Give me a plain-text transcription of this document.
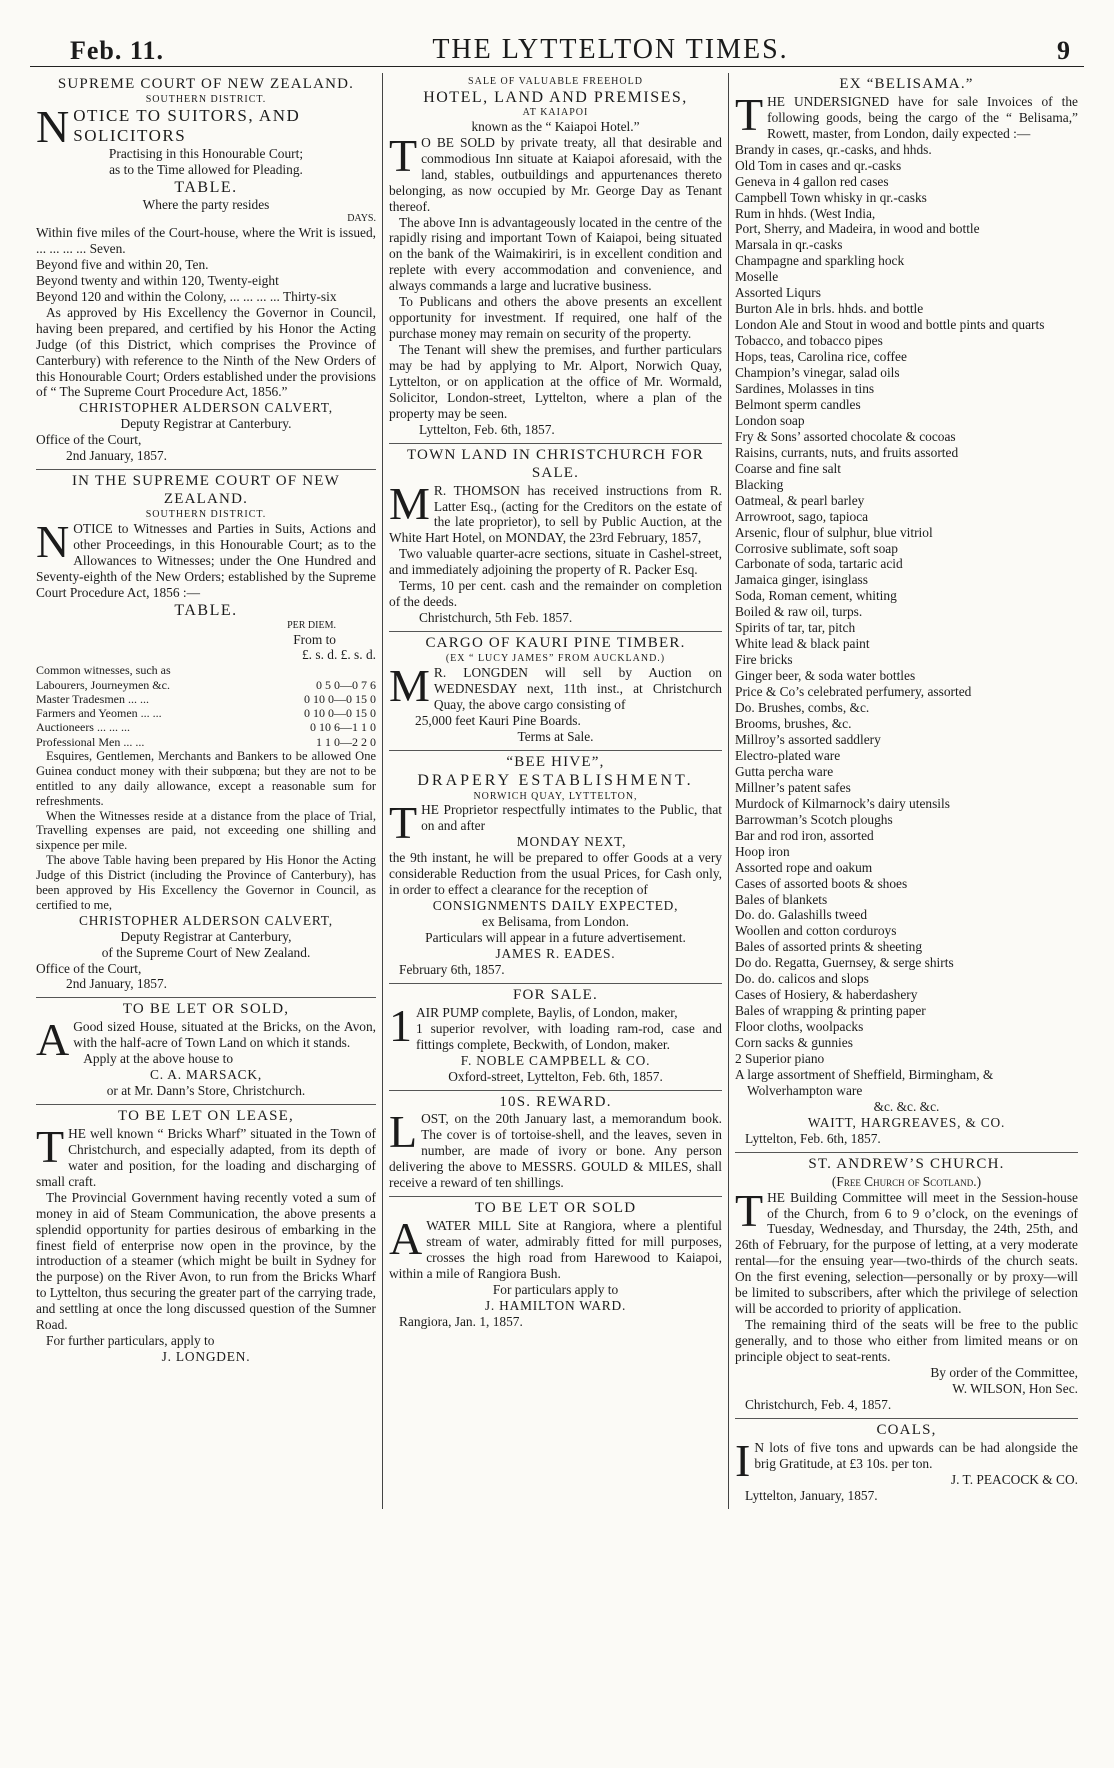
Feb. 11.	THE LYTTELTON TIMES.	9
SUPREME COURT OF NEW ZEALAND.
SOUTHERN DISTRICT.
N OTICE TO SUITORS, AND SOLICITORS

Practising in this Honourable Court;

as to the Time allowed for Pleading.

TABLE.

Where the party resides

DAYS.

Within five miles of the Court-house, where the Writ is issued, ... ... ... ... Seven.

Beyond five and within 20, Ten.

Beyond twenty and within 120, Twenty-eight

Beyond 120 and within the Colony, ... ... ... ... Thirty-six

As approved by His Excellency the Governor in Council, having been prepared, and certified by his Honor the Acting Judge (of this District, which comprises the Province of Canterbury) with reference to the Ninth of the New Orders of this Honourable Court; Orders established under the provisions of “ The Supreme Court Procedure Act, 1856.”

CHRISTOPHER ALDERSON CALVERT,

Deputy Registrar at Canterbury.

Office of the Court,

2nd January, 1857.

IN THE SUPREME COURT OF NEW ZEALAND.
SOUTHERN DISTRICT.
N OTICE to Witnesses and Parties in Suits, Actions and other Proceedings, in this Honourable Court; as to the Allowances to Witnesses; under the One Hundred and Seventy-eighth of the New Orders; established by the Supreme Court Procedure Act, 1856 :—

TABLE.
PER DIEM.
From to
£. s. d. £. s. d.

Common witnesses, such as

Labourers, Journeymen &c.	0 5 0—0 7 6
Master Tradesmen ... ...	0 10 0—0 15 0
Farmers and Yeomen ... ...	0 10 0—0 15 0
Auctioneers ... ... ...	0 10 6—1 1 0
Professional Men ... ...	1 1 0—2 2 0

Esquires, Gentlemen, Merchants and Bankers to be allowed One Guinea conduct money with their subpœna; but they are not to be entitled to any daily allowance, except a reasonable sum for refreshments.

When the Witnesses reside at a distance from the place of Trial, Travelling expenses are paid, not exceeding one shilling and sixpence per mile.

The above Table having been prepared by His Honor the Acting Judge of this District (including the Province of Canterbury), has been approved by His Excellency the Governor in Council, as certified to me,

CHRISTOPHER ALDERSON CALVERT,

Deputy Registrar at Canterbury,

of the Supreme Court of New Zealand.

Office of the Court,

2nd January, 1857.

TO BE LET OR SOLD,
A Good sized House, situated at the Bricks, on the Avon, with the half-acre of Town Land on which it stands.

Apply at the above house to

C. A. MARSACK,

or at Mr. Dann’s Store, Christchurch.

TO BE LET ON LEASE,
T HE well known “ Bricks Wharf” situated in the Town of Christchurch, and especially adapted, from its depth of water and position, for the loading and discharging of small craft.

The Provincial Government having recently voted a sum of money in aid of Steam Communication, the above presents a splendid opportunity for parties desirous of embarking in the finest field of enterprise now open in the province, by the introduction of a steamer (which might be built in Sydney for the purpose) on the River Avon, to run from the Bricks Wharf to Lyttelton, thus securing the greater part of the carrying trade, and settling at once the long discussed question of the Sumner Road.

For further particulars, apply to

J. LONGDEN.

SALE OF VALUABLE FREEHOLD
HOTEL, LAND AND PREMISES,
AT KAIAPOI

known as the “ Kaiapoi Hotel.”

T O BE SOLD by private treaty, all that desirable and commodious Inn situate at Kaiapoi aforesaid, with the land, stables, outbuildings and appurtenances thereto belonging, as now occupied by Mr. George Day as Tenant thereof.

The above Inn is advantageously located in the centre of the rapidly rising and important Town of Kaiapoi, being situated on the bank of the Waimakiriri, is in excellent condition and replete with every accommodation and convenience, and always commands a large and lucrative business.

To Publicans and others the above presents an excellent opportunity for investment. If required, one half of the purchase money may remain on security of the property.

The Tenant will shew the premises, and further particulars may be had by applying to Mr. Alport, Norwich Quay, Lyttelton, or on application at the office of Mr. Wormald, Solicitor, London-street, Lyttelton, where a plan of the property may be seen.

Lyttelton, Feb. 6th, 1857.

TOWN LAND IN CHRISTCHURCH FOR SALE.
M R. THOMSON has received instructions from R. Latter Esq., (acting for the Creditors on the estate of the late proprietor), to sell by Public Auction, at the White Hart Hotel, on MONDAY, the 23rd February, 1857,

Two valuable quarter-acre sections, situate in Cashel-street, and immediately adjoining the property of R. Packer Esq.

Terms, 10 per cent. cash and the remainder on completion of the deeds.

Christchurch, 5th Feb. 1857.

CARGO OF KAURI PINE TIMBER.
(EX “ LUCY JAMES” FROM AUCKLAND.)
M R. LONGDEN will sell by Auction on WEDNESDAY next, 11th inst., at Christchurch Quay, the above cargo consisting of

25,000 feet Kauri Pine Boards.

Terms at Sale.

“BEE HIVE”,
DRAPERY ESTABLISHMENT.
NORWICH QUAY, LYTTELTON,
T HE Proprietor respectfully intimates to the Public, that on and after

MONDAY NEXT,

the 9th instant, he will be prepared to offer Goods at a very considerable Reduction from the usual Prices, for Cash only, in order to effect a clearance for the reception of

CONSIGNMENTS DAILY EXPECTED,

ex Belisama, from London.

Particulars will appear in a future advertisement.

JAMES R. EADES.

February 6th, 1857.

FOR SALE.
1 AIR PUMP complete, Baylis, of London, maker,

1 superior revolver, with loading ram-rod, case and fittings complete, Beckwith, of London, maker.

F. NOBLE CAMPBELL & CO.

Oxford-street, Lyttelton, Feb. 6th, 1857.

10S. REWARD.
L OST, on the 20th January last, a memorandum book. The cover is of tortoise-shell, and the leaves, seven in number, are made of ivory or bone. Any person delivering the above to MESSRS. GOULD & MILES, shall receive a reward of ten shillings.

TO BE LET OR SOLD
A WATER MILL Site at Rangiora, where a plentiful stream of water, admirably fitted for mill purposes, crosses the high road from Harewood to Kaiapoi, within a mile of Rangiora Bush.

For particulars apply to

J. HAMILTON WARD.

Rangiora, Jan. 1, 1857.

EX “BELISAMA.”
T HE UNDERSIGNED have for sale Invoices of the following goods, being the cargo of the “ Belisama,” Rowett, master, from London, daily expected :—

Brandy in cases, qr.-casks, and hhds.
Old Tom in cases and qr.-casks
Geneva in 4 gallon red cases
Campbell Town whisky in qr.-casks
Rum in hhds. (West India,
Port, Sherry, and Madeira, in wood and bottle
Marsala in qr.-casks
Champagne and sparkling hock
Moselle
Assorted Liqurs
Burton Ale in brls. hhds. and bottle
London Ale and Stout in wood and bottle pints and quarts
Tobacco, and tobacco pipes
Hops, teas, Carolina rice, coffee
Champion’s vinegar, salad oils
Sardines, Molasses in tins
Belmont sperm candles
London soap
Fry & Sons’ assorted chocolate & cocoas
Raisins, currants, nuts, and fruits assorted
Coarse and fine salt
Blacking
Oatmeal, & pearl barley
Arrowroot, sago, tapioca
Arsenic, flour of sulphur, blue vitriol
Corrosive sublimate, soft soap
Carbonate of soda, tartaric acid
Jamaica ginger, isinglass
Soda, Roman cement, whiting
Boiled & raw oil, turps.
Spirits of tar, tar, pitch
White lead & black paint
Fire bricks
Ginger beer, & soda water bottles
Price & Co’s celebrated perfumery, assorted
Do. Brushes, combs, &c.
Brooms, brushes, &c.
Millroy’s assorted saddlery
Electro-plated ware
Gutta percha ware
Millner’s patent safes
Murdock of Kilmarnock’s dairy utensils
Barrowman’s Scotch ploughs
Bar and rod iron, assorted
Hoop iron
Assorted rope and oakum
Cases of assorted boots & shoes
Bales of blankets
Do. do. Galashills tweed
Woollen and cotton corduroys
Bales of assorted prints & sheeting
Do do. Regatta, Guernsey, & serge shirts
Do. do. calicos and slops
Cases of Hosiery, & haberdashery
Bales of wrapping & printing paper
Floor cloths, woolpacks
Corn sacks & gunnies
2 Superior piano
A large assortment of Sheffield, Birmingham, & Wolverhampton ware

&c. &c. &c.

WAITT, HARGREAVES, & CO.

Lyttelton, Feb. 6th, 1857.

ST. ANDREW’S CHURCH.
(Free Church of Scotland.)
T HE Building Committee will meet in the Session-house of the Church, from 6 to 9 o’clock, on the evenings of Tuesday, Wednesday, and Thursday, the 24th, 25th, and 26th of February, for the purpose of letting, at a very moderate rental—for the ensuing year—two-thirds of the church seats. On the first evening, selection—personally or by proxy—will be limited to subscribers, after which the privilege of selection will be accorded to priority of application.

The remaining third of the seats will be free to the public generally, and to those who either from limited means or on principle object to seat-rents.

By order of the Committee,

W. WILSON, Hon Sec.

Christchurch, Feb. 4, 1857.

COALS,
I N lots of five tons and upwards can be had alongside the brig Gratitude, at £3 10s. per ton.

J. T. PEACOCK & CO.

Lyttelton, January, 1857.
